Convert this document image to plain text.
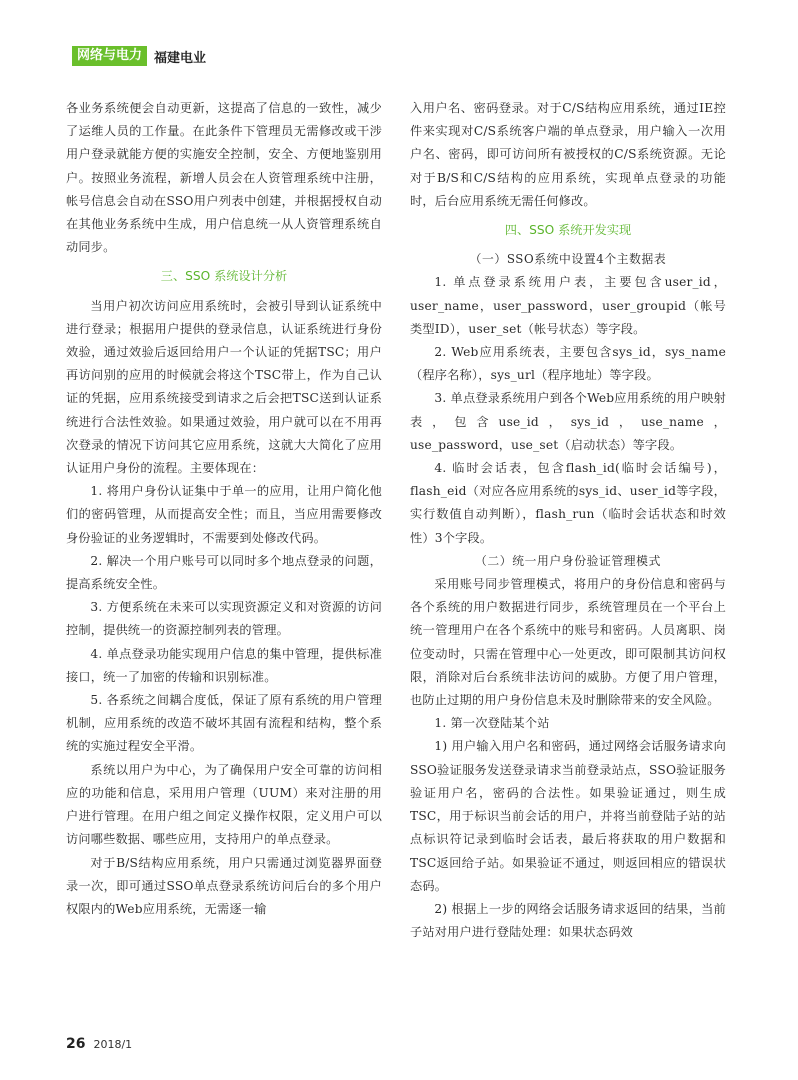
网络与电力 福建电业

各业务系统便会自动更新，这提高了信息的一致性，减少了运维人员的工作量。在此条件下管理员无需修改或干涉用户登录就能方便的实施安全控制，安全、方便地鉴别用户。按照业务流程，新增人员会在人资管理系统中注册，帐号信息会自动在SSO用户列表中创建，并根据授权自动在其他业务系统中生成，用户信息统一从人资管理系统自动同步。

三、SSO 系统设计分析

当用户初次访问应用系统时，会被引导到认证系统中进行登录；根据用户提供的登录信息，认证系统进行身份效验，通过效验后返回给用户一个认证的凭据TSC；用户再访问别的应用的时候就会将这个TSC带上，作为自己认证的凭据，应用系统接受到请求之后会把TSC送到认证系统进行合法性效验。如果通过效验，用户就可以在不用再次登录的情况下访问其它应用系统，这就大大简化了应用认证用户身份的流程。主要体现在：

1. 将用户身份认证集中于单一的应用，让用户简化他们的密码管理，从而提高安全性；而且，当应用需要修改身份验证的业务逻辑时，不需要到处修改代码。

2. 解决一个用户账号可以同时多个地点登录的问题，提高系统安全性。

3. 方便系统在未来可以实现资源定义和对资源的访问控制，提供统一的资源控制列表的管理。

4. 单点登录功能实现用户信息的集中管理，提供标准接口，统一了加密的传输和识别标准。

5. 各系统之间耦合度低，保证了原有系统的用户管理机制，应用系统的改造不破坏其固有流程和结构，整个系统的实施过程安全平滑。

系统以用户为中心，为了确保用户安全可靠的访问相应的功能和信息，采用用户管理（UUM）来对注册的用户进行管理。在用户组之间定义操作权限，定义用户可以访问哪些数据、哪些应用，支持用户的单点登录。

对于B/S结构应用系统，用户只需通过浏览器界面登录一次，即可通过SSO单点登录系统访问后台的多个用户权限内的Web应用系统，无需逐一输

入用户名、密码登录。对于C/S结构应用系统，通过IE控件来实现对C/S系统客户端的单点登录，用户输入一次用户名、密码，即可访问所有被授权的C/S系统资源。无论对于B/S和C/S结构的应用系统，实现单点登录的功能时，后台应用系统无需任何修改。

四、SSO 系统开发实现

（一）SSO系统中设置4个主数据表

1. 单点登录系统用户表，主要包含user_id，user_name，user_password，user_groupid（帐号类型ID），user_set（帐号状态）等字段。

2. Web应用系统表，主要包含sys_id，sys_name（程序名称），sys_url（程序地址）等字段。

3. 单点登录系统用户到各个Web应用系统的用户映射表，包含use_id，sys_id，use_name，use_password，use_set（启动状态）等字段。

4. 临时会话表，包含flash_id(临时会话编号)，flash_eid（对应各应用系统的sys_id、user_id等字段，实行数值自动判断），flash_run（临时会话状态和时效性）3个字段。

（二）统一用户身份验证管理模式

采用账号同步管理模式，将用户的身份信息和密码与各个系统的用户数据进行同步，系统管理员在一个平台上统一管理用户在各个系统中的账号和密码。人员离职、岗位变动时，只需在管理中心一处更改，即可限制其访问权限，消除对后台系统非法访问的威胁。方便了用户管理，也防止过期的用户身份信息未及时删除带来的安全风险。

1. 第一次登陆某个站

1) 用户输入用户名和密码，通过网络会话服务请求向SSO验证服务发送登录请求当前登录站点，SSO验证服务验证用户名，密码的合法性。如果验证通过，则生成TSC，用于标识当前会话的用户，并将当前登陆子站的站点标识符记录到临时会话表，最后将获取的用户数据和TSC返回给子站。如果验证不通过，则返回相应的错误状态码。

2) 根据上一步的网络会话服务请求返回的结果，当前子站对用户进行登陆处理：如果状态码效

26 2018/1
